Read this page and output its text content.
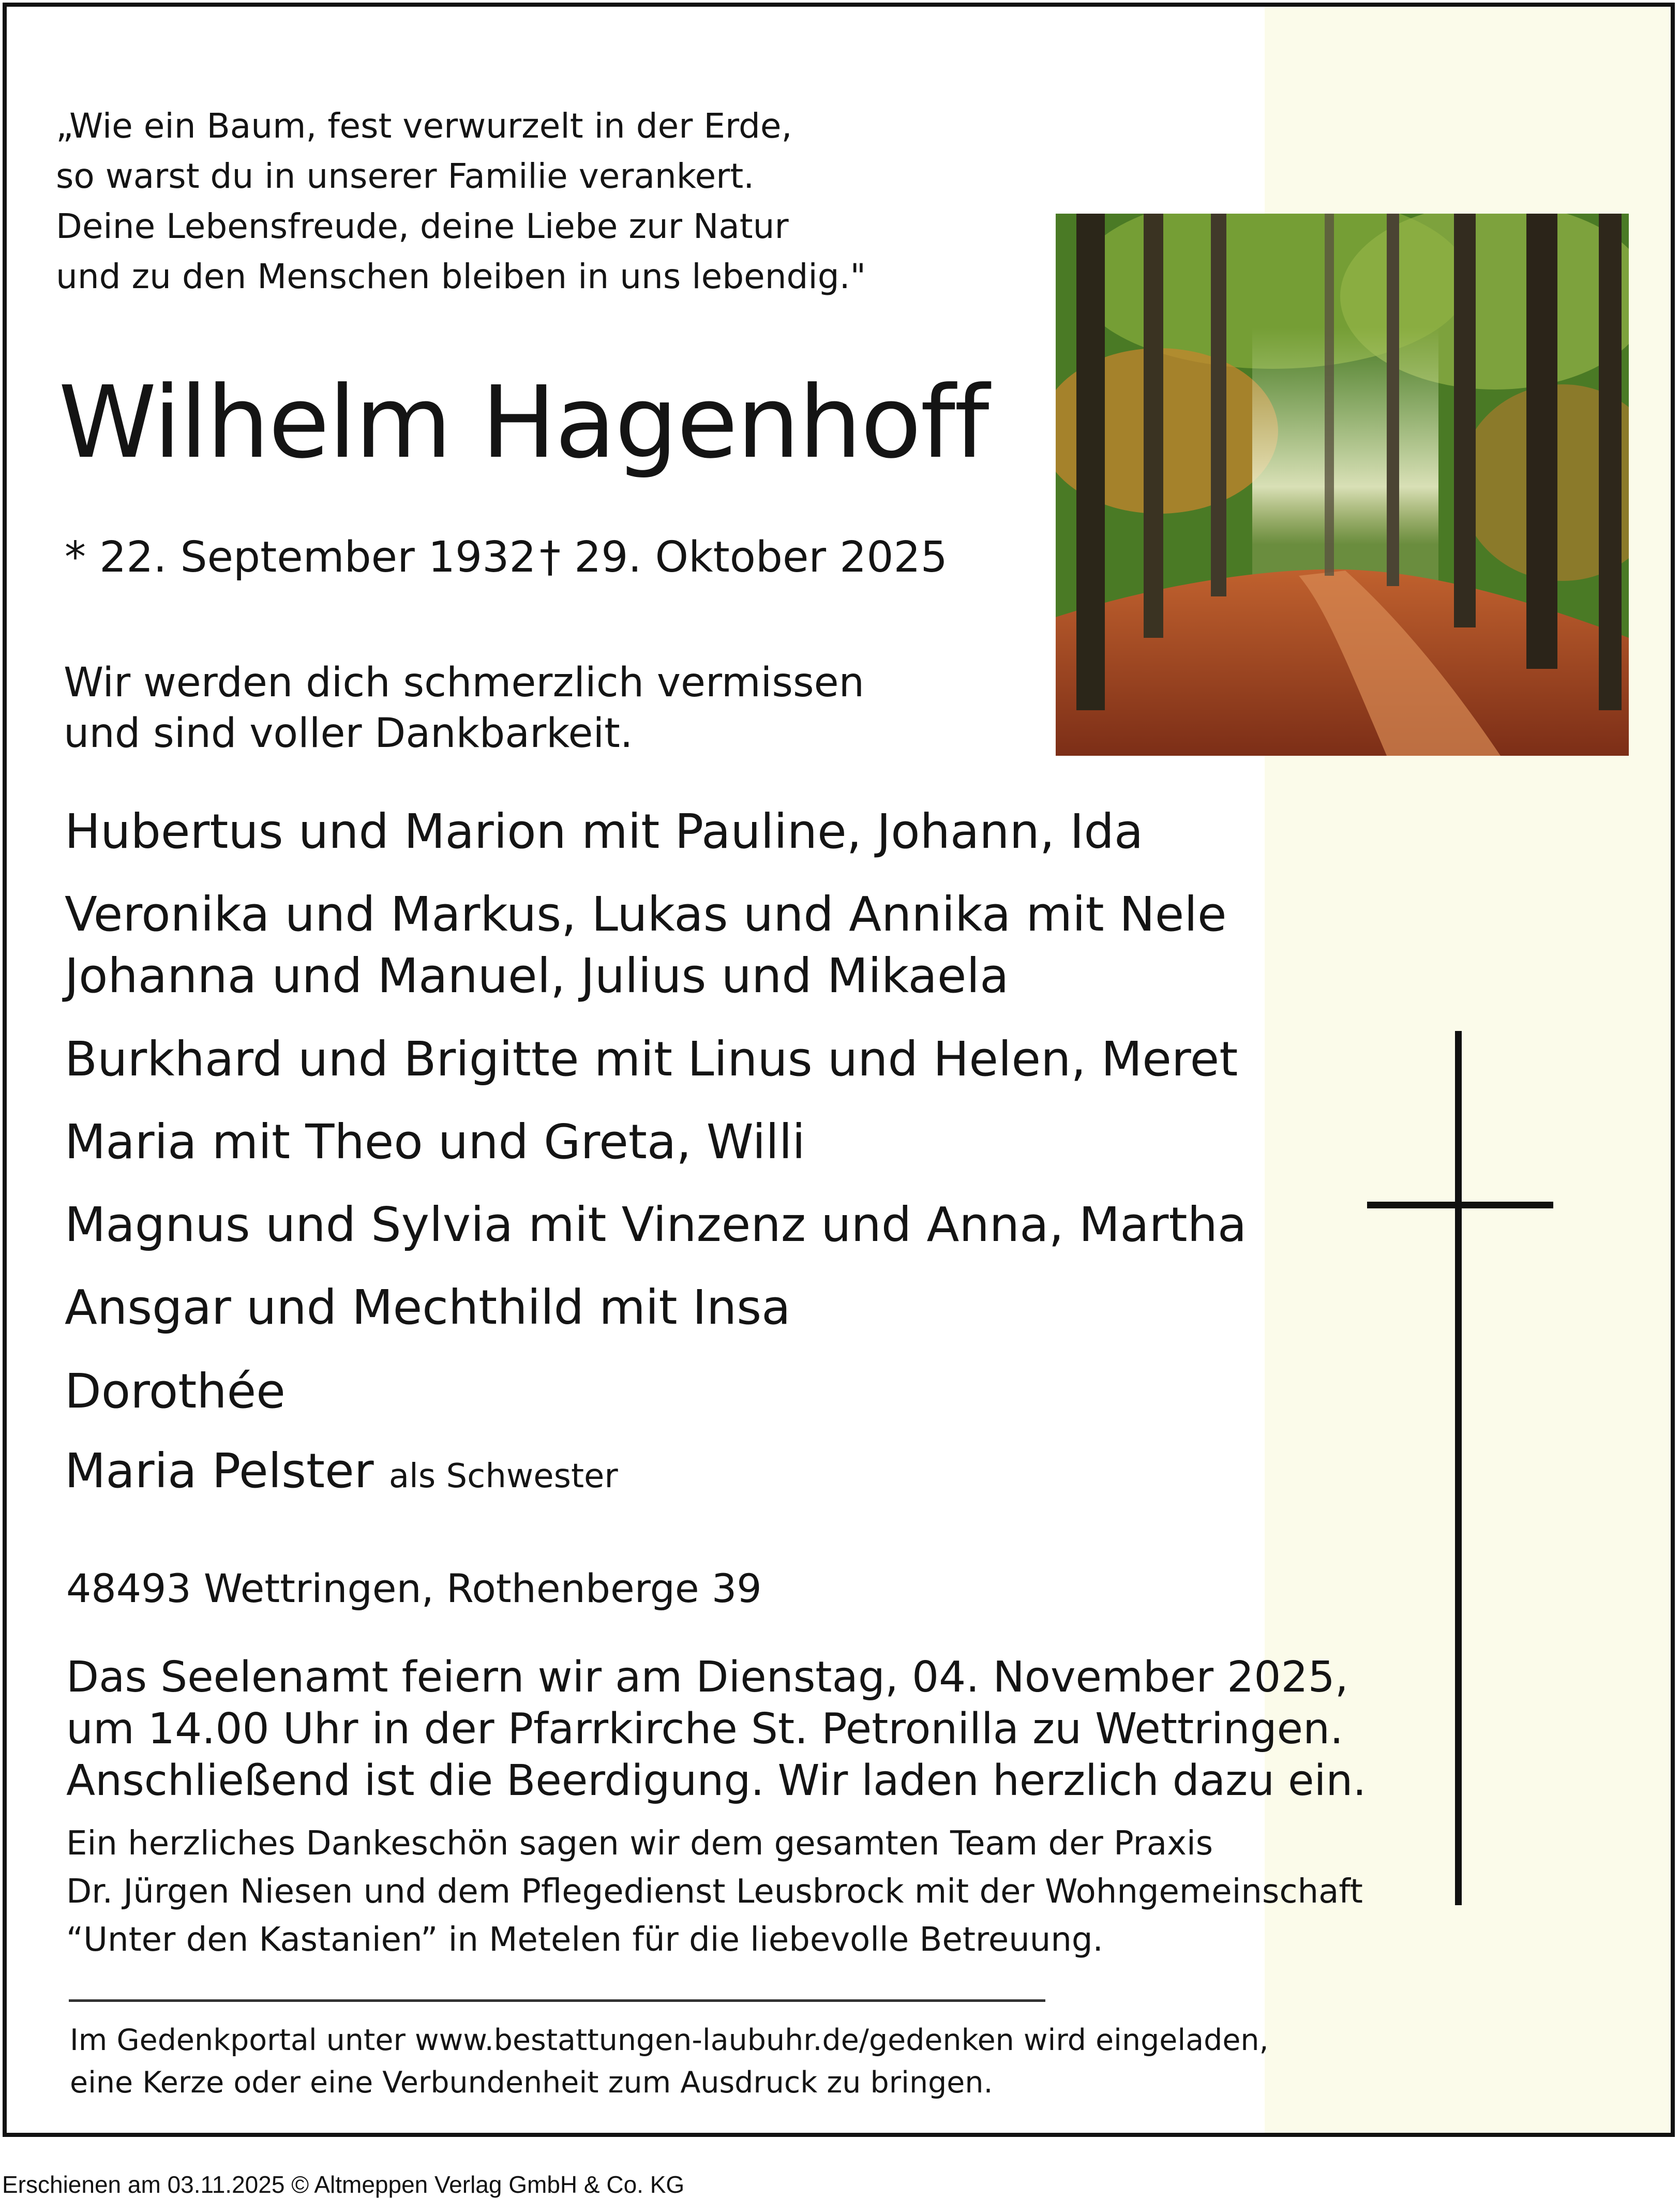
„Wie ein Baum, fest verwurzelt in der Erde,
so warst du in unserer Familie verankert.
Deine Lebensfreude, deine Liebe zur Natur
und zu den Menschen bleiben in uns lebendig."
Wilhelm Hagenhoff
* 22. September 1932 † 29. Oktober 2025
Wir werden dich schmerzlich vermissen
und sind voller Dankbarkeit.
Hubertus und Marion mit Pauline, Johann, Ida
Veronika und Markus, Lukas und Annika mit Nele
Johanna und Manuel, Julius und Mikaela
Burkhard und Brigitte mit Linus und Helen, Meret
Maria mit Theo und Greta, Willi
Magnus und Sylvia mit Vinzenz und Anna, Martha
Ansgar und Mechthild mit Insa
Dorothée
Maria Pelster als Schwester
48493 Wettringen, Rothenberge 39
Das Seelenamt feiern wir am Dienstag, 04. November 2025,
um 14.00 Uhr in der Pfarrkirche St. Petronilla zu Wettringen.
Anschließend ist die Beerdigung. Wir laden herzlich dazu ein.
Ein herzliches Dankeschön sagen wir dem gesamten Team der Praxis
Dr. Jürgen Niesen und dem Pflegedienst Leusbrock mit der Wohngemeinschaft
“Unter den Kastanien” in Metelen für die liebevolle Betreuung.
Im Gedenkportal unter www.bestattungen-laubuhr.de/gedenken wird eingeladen,
eine Kerze oder eine Verbundenheit zum Ausdruck zu bringen.
Erschienen am 03.11.2025 © Altmeppen Verlag GmbH & Co. KG
